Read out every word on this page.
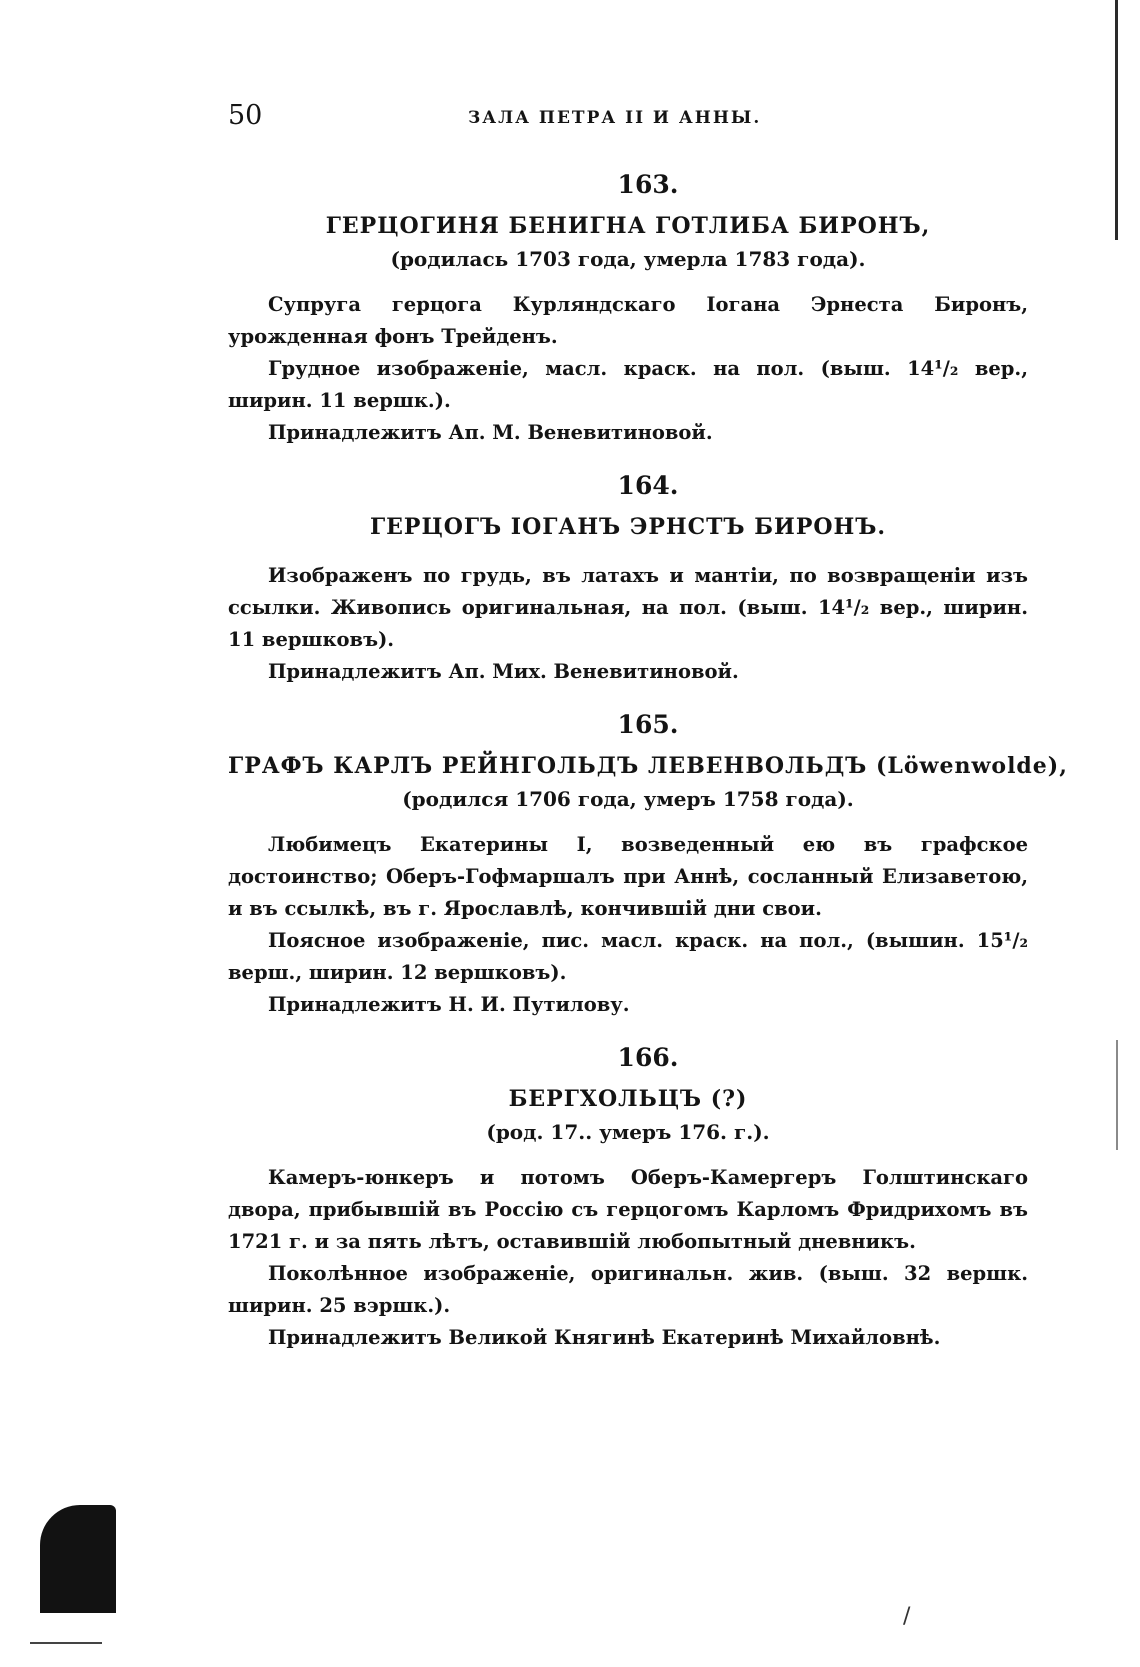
/
50	ЗАЛА ПЕТРА II И АННЫ.

163.

ГЕРЦОГИНЯ БЕНИГНА ГОТЛИБА БИРОНЪ,

(родилась 1703 года, умерла 1783 года).

Супруга герцога Курляндскаго Іогана Эрнеста Биронъ, урожденная фонъ Трейденъ.

Грудное изображеніе, масл. краск. на пол. (выш. 14¹/₂ вер., ширин. 11 вершк.).

Принадлежитъ Ап. М. Веневитиновой.

164.

ГЕРЦОГЪ ІОГАНЪ ЭРНСТЪ БИРОНЪ.

Изображенъ по грудь, въ латахъ и мантіи, по возвращеніи изъ ссылки. Живопись оригинальная, на пол. (выш. 14¹/₂ вер., ширин. 11 вершковъ).

Принадлежитъ Ап. Мих. Веневитиновой.

165.

ГРАФЪ КАРЛЪ РЕЙНГОЛЬДЪ ЛЕВЕНВОЛЬДЪ (Löwenwolde),

(родился 1706 года, умеръ 1758 года).

Любимецъ Екатерины I, возведенный ею въ графское достоинство; Оберъ-Гофмаршалъ при Аннѣ, сосланный Елизаветою, и въ ссылкѣ, въ г. Ярославлѣ, кончившій дни свои.

Поясное изображеніе, пис. масл. краск. на пол., (вышин. 15¹/₂ верш., ширин. 12 вершковъ).

Принадлежитъ Н. И. Путилову.

166.

БЕРГХОЛЬЦЪ (?)

(род. 17.. умеръ 176. г.).

Камеръ-юнкеръ и потомъ Оберъ-Камергеръ Голштинскаго двора, прибывшій въ Россію съ герцогомъ Карломъ Фридрихомъ въ 1721 г. и за пять лѣтъ, оставившій любопытный дневникъ.

Поколѣнное изображеніе, оригинальн. жив. (выш. 32 вершк. ширин. 25 вэршк.).

Принадлежитъ Великой Княгинѣ Екатеринѣ Михайловнѣ.
